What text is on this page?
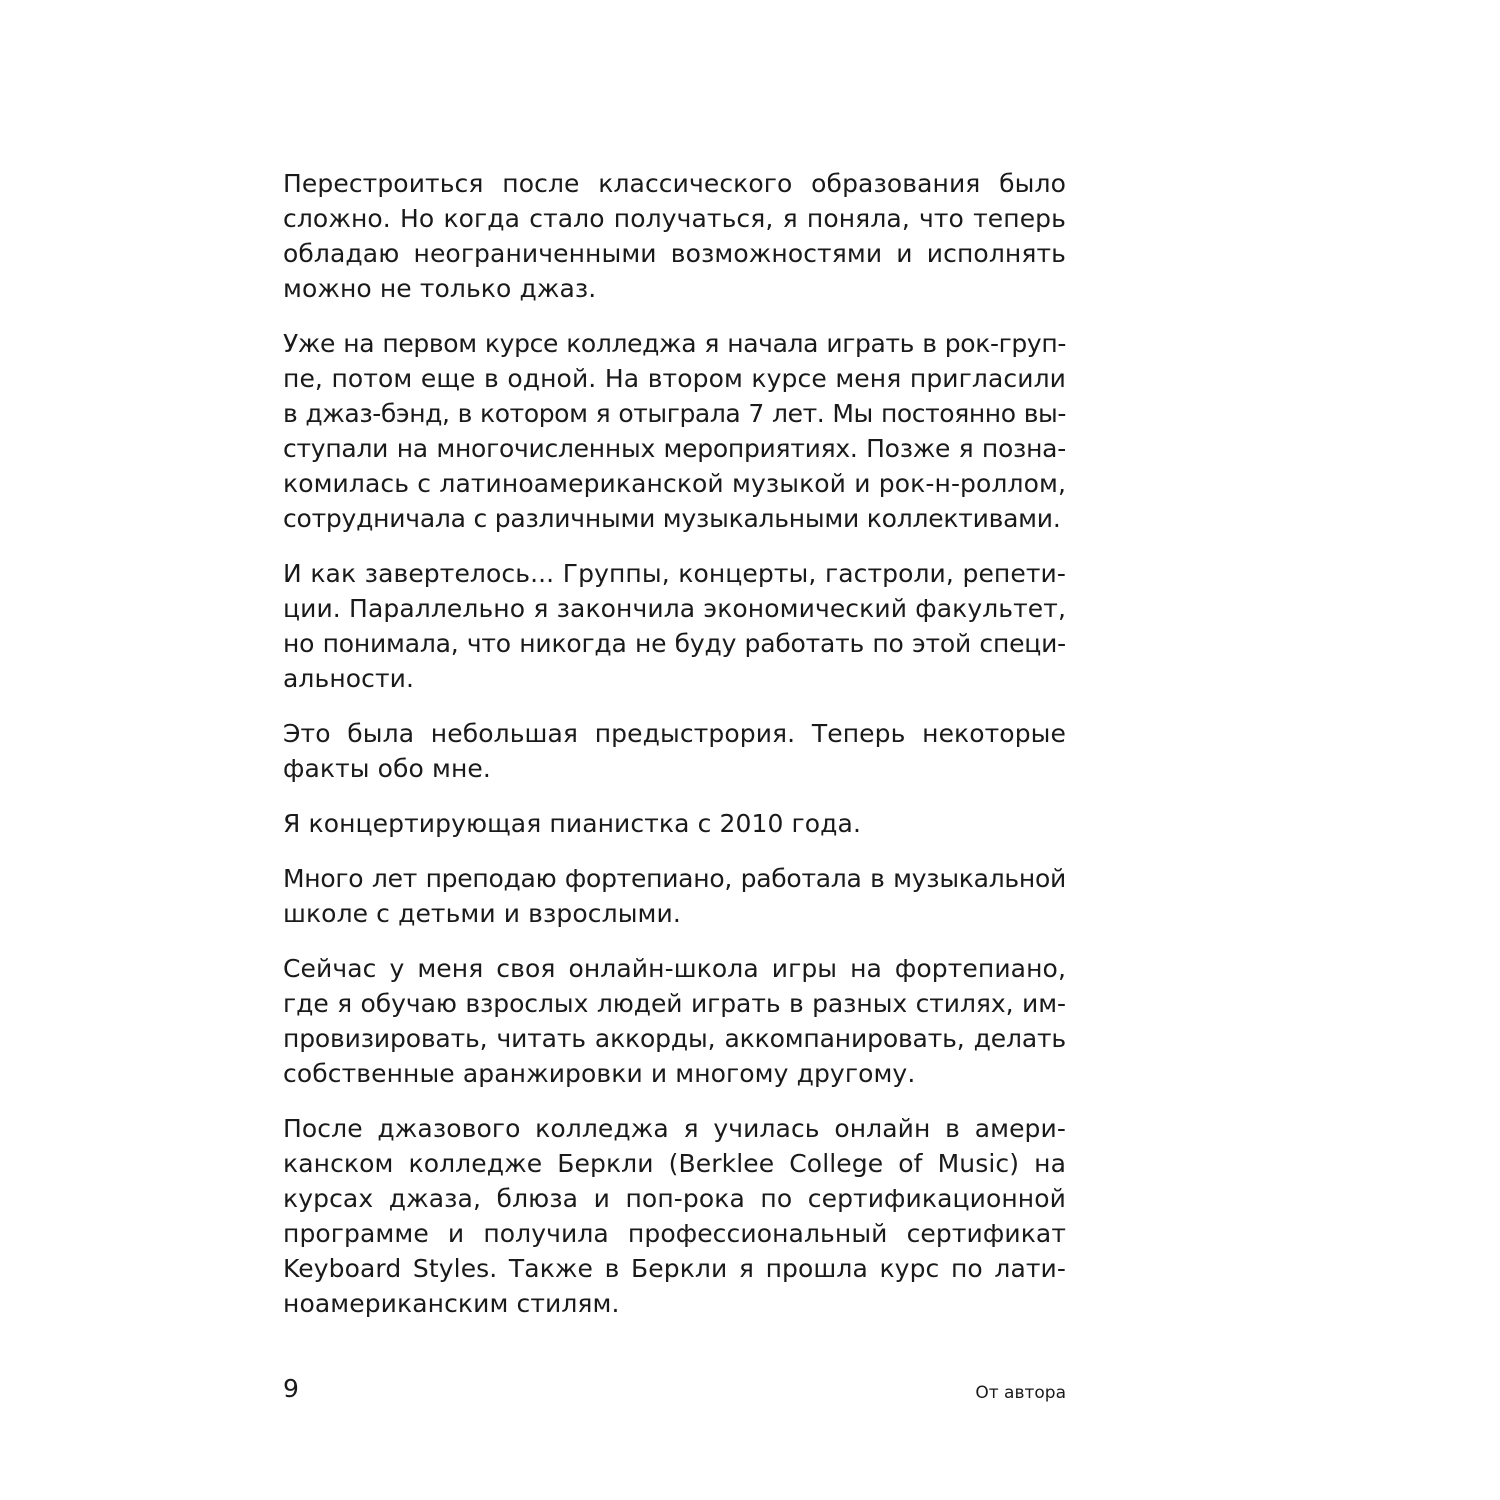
Перестроиться после классического образования было
сложно. Но когда стало получаться, я поняла, что теперь
обладаю неограниченными возможностями и исполнять
можно не только джаз.

Уже на первом курсе колледжа я начала играть в рок-груп-
пе, потом еще в одной. На втором курсе меня пригласили
в джаз-бэнд, в котором я отыграла 7 лет. Мы постоянно вы-
ступали на многочисленных мероприятиях. Позже я позна-
комилась с латиноамериканской музыкой и рок-н-роллом,
сотрудничала с различными музыкальными коллективами.

И как завертелось... Группы, концерты, гастроли, репети-
ции. Параллельно я закончила экономический факультет,
но понимала, что никогда не буду работать по этой специ-
альности.

Это была небольшая предыстрория. Теперь некоторые
факты обо мне.

Я концертирующая пианистка с 2010 года.

Много лет преподаю фортепиано, работала в музыкальной
школе с детьми и взрослыми.

Сейчас у меня своя онлайн-школа игры на фортепиано,
где я обучаю взрослых людей играть в разных стилях, им-
провизировать, читать аккорды, аккомпанировать, делать
собственные аранжировки и многому другому.

После джазового колледжа я училась онлайн в амери-
канском колледже Беркли (Berklee College of Music) на
курсах джаза, блюза и поп-рока по сертификационной
программе и получила профессиональный сертификат
Keyboard Styles. Также в Беркли я прошла курс по лати-
ноамериканским стилям.

9	От автора
